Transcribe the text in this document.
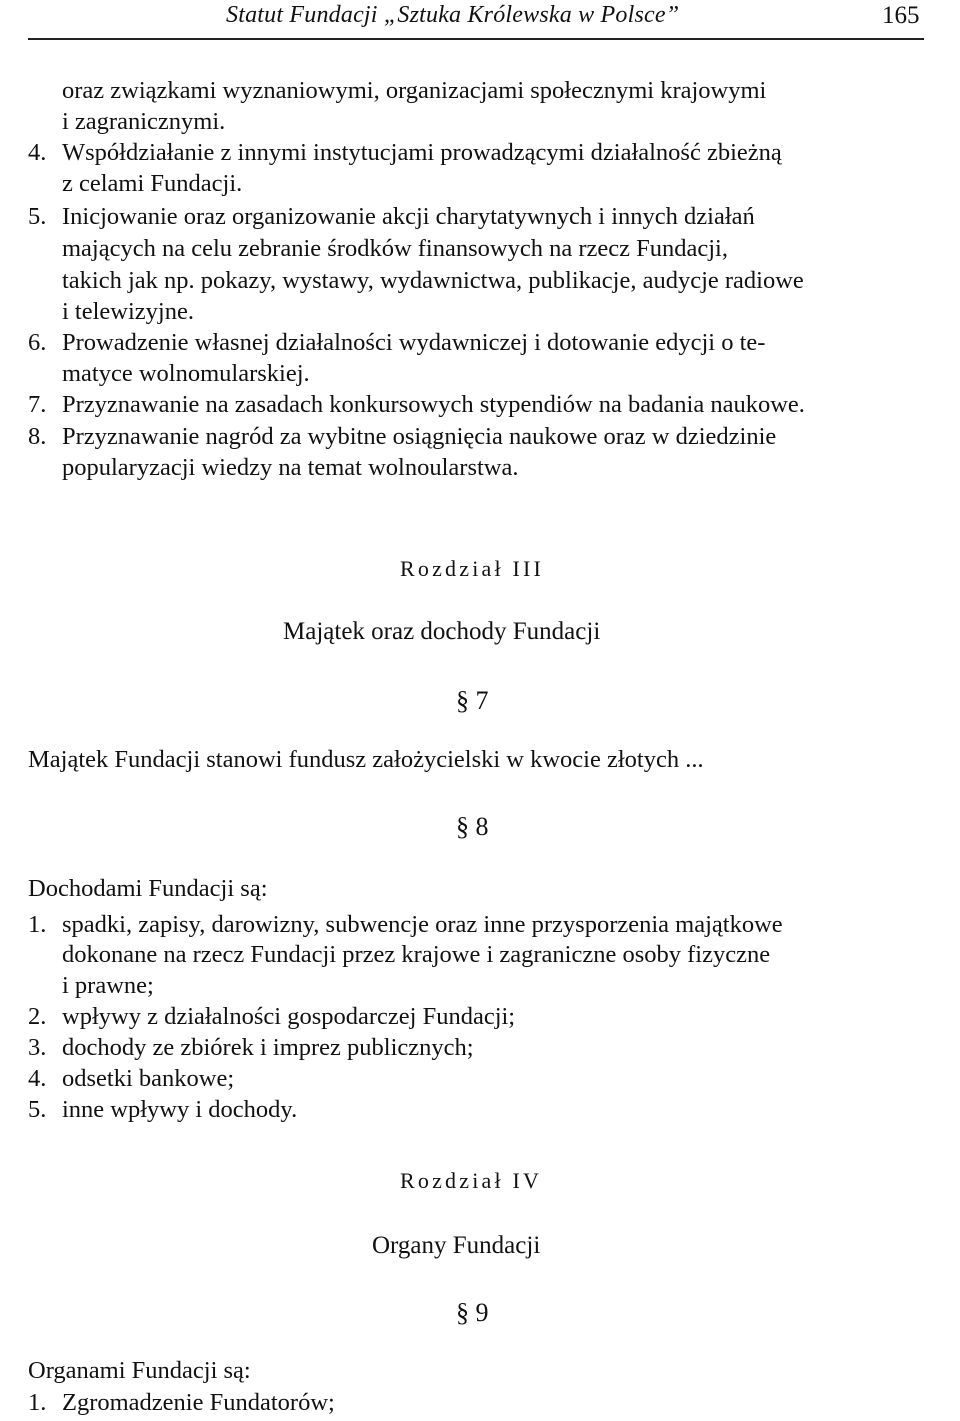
Statut Fundacji „Sztuka Królewska w Polsce”	165
oraz związkami wyznaniowymi, organizacjami społecznymi krajowymi
i zagranicznymi.
4. Współdziałanie z innymi instytucjami prowadzącymi działalność zbieżną
z celami Fundacji.
5. Inicjowanie oraz organizowanie akcji charytatywnych i innych działań
mających na celu zebranie środków finansowych na rzecz Fundacji,
takich jak np. pokazy, wystawy, wydawnictwa, publikacje, audycje radiowe
i telewizyjne.
6. Prowadzenie własnej działalności wydawniczej i dotowanie edycji o te-
matyce wolnomularskiej.
7. Przyznawanie na zasadach konkursowych stypendiów na badania naukowe.
8. Przyznawanie nagród za wybitne osiągnięcia naukowe oraz w dziedzinie
popularyzacji wiedzy na temat wolnoularstwa.
Rozdział III
Majątek oraz dochody Fundacji
§ 7
Majątek Fundacji stanowi fundusz założycielski w kwocie złotych ...
§ 8
Dochodami Fundacji są:
1. spadki, zapisy, darowizny, subwencje oraz inne przysporzenia majątkowe
dokonane na rzecz Fundacji przez krajowe i zagraniczne osoby fizyczne
i prawne;
2. wpływy z działalności gospodarczej Fundacji;
3. dochody ze zbiórek i imprez publicznych;
4. odsetki bankowe;
5. inne wpływy i dochody.
Rozdział IV
Organy Fundacji
§ 9
Organami Fundacji są:
1. Zgromadzenie Fundatorów;
